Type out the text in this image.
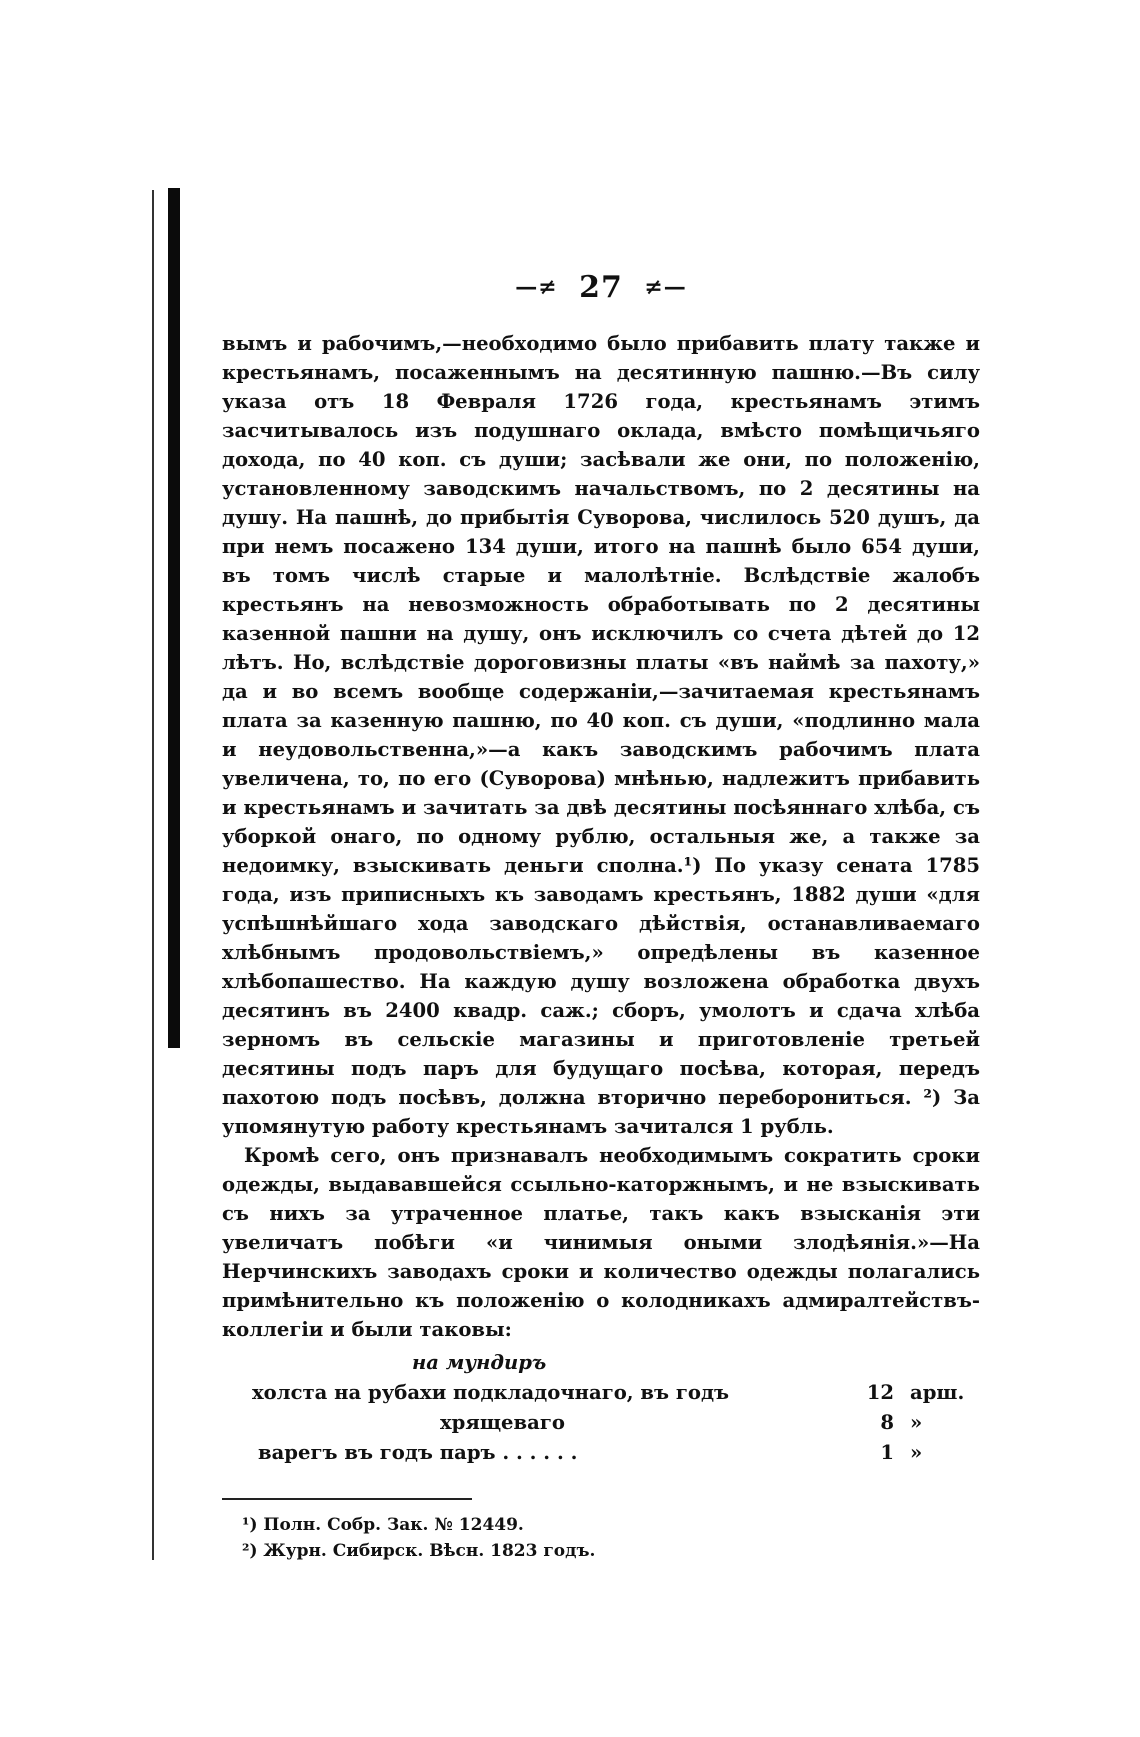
—≠ 27 ≠—

вымъ и рабочимъ,—необходимо было прибавить плату также и крестьянамъ, посаженнымъ на десятинную пашню.—Въ силу указа отъ 18 Февраля 1726 года, крестьянамъ этимъ засчитывалось изъ подушнаго оклада, вмѣсто помѣщичьяго дохода, по 40 коп. съ души; засѣвали же они, по положенію, установленному заводскимъ начальствомъ, по 2 десятины на душу. На пашнѣ, до прибытія Суворова, числилось 520 душъ, да при немъ посажено 134 души, итого на пашнѣ было 654 души, въ томъ числѣ старые и малолѣтніе. Вслѣдствіе жалобъ крестьянъ на невозможность обработывать по 2 десятины казенной пашни на душу, онъ исключилъ со счета дѣтей до 12 лѣтъ. Но, вслѣдствіе дороговизны платы «въ наймѣ за пахоту,» да и во всемъ вообще содержаніи,—зачитаемая крестьянамъ плата за казенную пашню, по 40 коп. съ души, «подлинно мала и неудовольственна,»—а какъ заводскимъ рабочимъ плата увеличена, то, по его (Суворова) мнѣнью, надлежитъ прибавить и крестьянамъ и зачитать за двѣ десятины посѣяннаго хлѣба, съ уборкой онаго, по одному рублю, остальныя же, а также за недоимку, взыскивать деньги сполна.¹) По указу сената 1785 года, изъ приписныхъ къ заводамъ крестьянъ, 1882 души «для успѣшнѣйшаго хода заводскаго дѣйствія, останавливаемаго хлѣбнымъ продовольствіемъ,» опредѣлены въ казенное хлѣбопашество. На каждую душу возложена обработка двухъ десятинъ въ 2400 квадр. саж.; сборъ, умолотъ и сдача хлѣба зерномъ въ сельскіе магазины и приготовленіе третьей десятины подъ паръ для будущаго посѣва, которая, передъ пахотою подъ посѣвъ, должна вторично переборониться. ²) За упомянутую работу крестьянамъ зачитался 1 рубль.

Кромѣ сего, онъ признавалъ необходимымъ сократить сроки одежды, выдававшейся ссыльно-каторжнымъ, и не взыскивать съ нихъ за утраченное платье, такъ какъ взысканія эти увеличатъ побѣги «и чинимыя оными злодѣянія.»—На Нерчинскихъ заводахъ сроки и количество одежды полагались примѣнительно къ положенію о колодникахъ адмиралтействъ-коллегіи и были таковы:

на мундиръ
холста на рубахи подкладочнаго, въ годъ	12 арш.
хрящеваго	8 »
варегъ въ годъ паръ . . . . . .	1 »
¹) Полн. Собр. Зак. № 12449.
²) Журн. Сибирск. Вѣсн. 1823 годъ.
